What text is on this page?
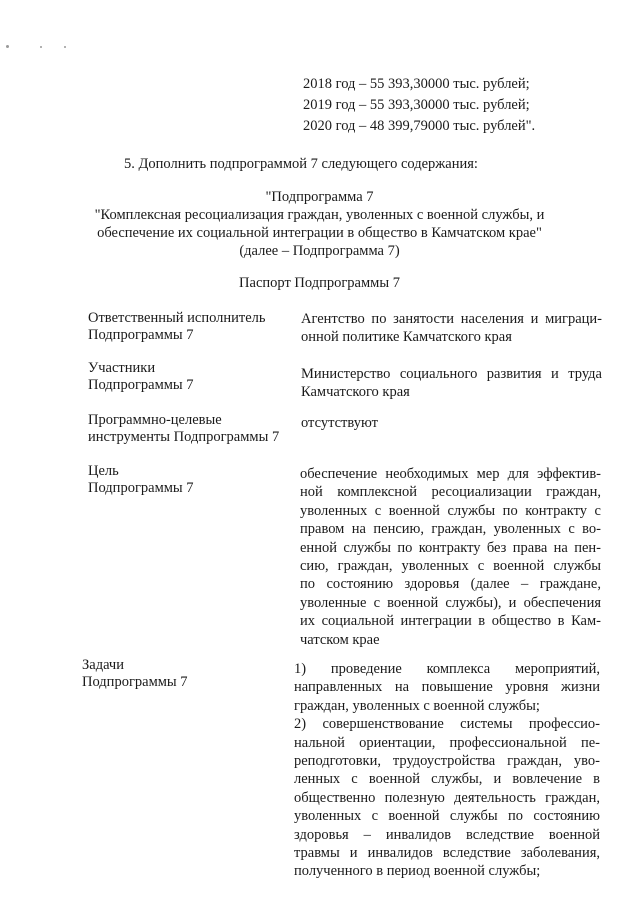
2018 год – 55 393,30000 тыс. рублей;
2019 год – 55 393,30000 тыс. рублей;
2020 год – 48 399,79000 тыс. рублей".
5. Дополнить подпрограммой 7 следующего содержания:
"Подпрограмма 7
"Комплексная ресоциализация граждан, уволенных с военной службы, и
обеспечение их социальной интеграции в общество в Камчатском крае"
(далее – Подпрограмма 7)
Паспорт Подпрограммы 7
Ответственный исполнитель
Подпрограммы 7
Агентство по занятости населения и миграци-
онной политике Камчатского края
Участники
Подпрограммы 7
Министерство социального развития и труда
Камчатского края
Программно-целевые
инструменты Подпрограммы 7
отсутствуют
Цель
Подпрограммы 7
обеспечение необходимых мер для эффектив-
ной комплексной ресоциализации граждан,
уволенных с военной службы по контракту с
правом на пенсию, граждан, уволенных с во-
енной службы по контракту без права на пен-
сию, граждан, уволенных с военной службы
по состоянию здоровья (далее – граждане,
уволенные с военной службы), и обеспечения
их социальной интеграции в общество в Кам-
чатском крае
Задачи
Подпрограммы 7
1) проведение комплекса мероприятий,
направленных на повышение уровня жизни
граждан, уволенных с военной службы;
2) совершенствование системы профессио-
нальной ориентации, профессиональной пе-
реподготовки, трудоустройства граждан, уво-
ленных с военной службы, и вовлечение в
общественно полезную деятельность граждан,
уволенных с военной службы по состоянию
здоровья – инвалидов вследствие военной
травмы и инвалидов вследствие заболевания,
полученного в период военной службы;
